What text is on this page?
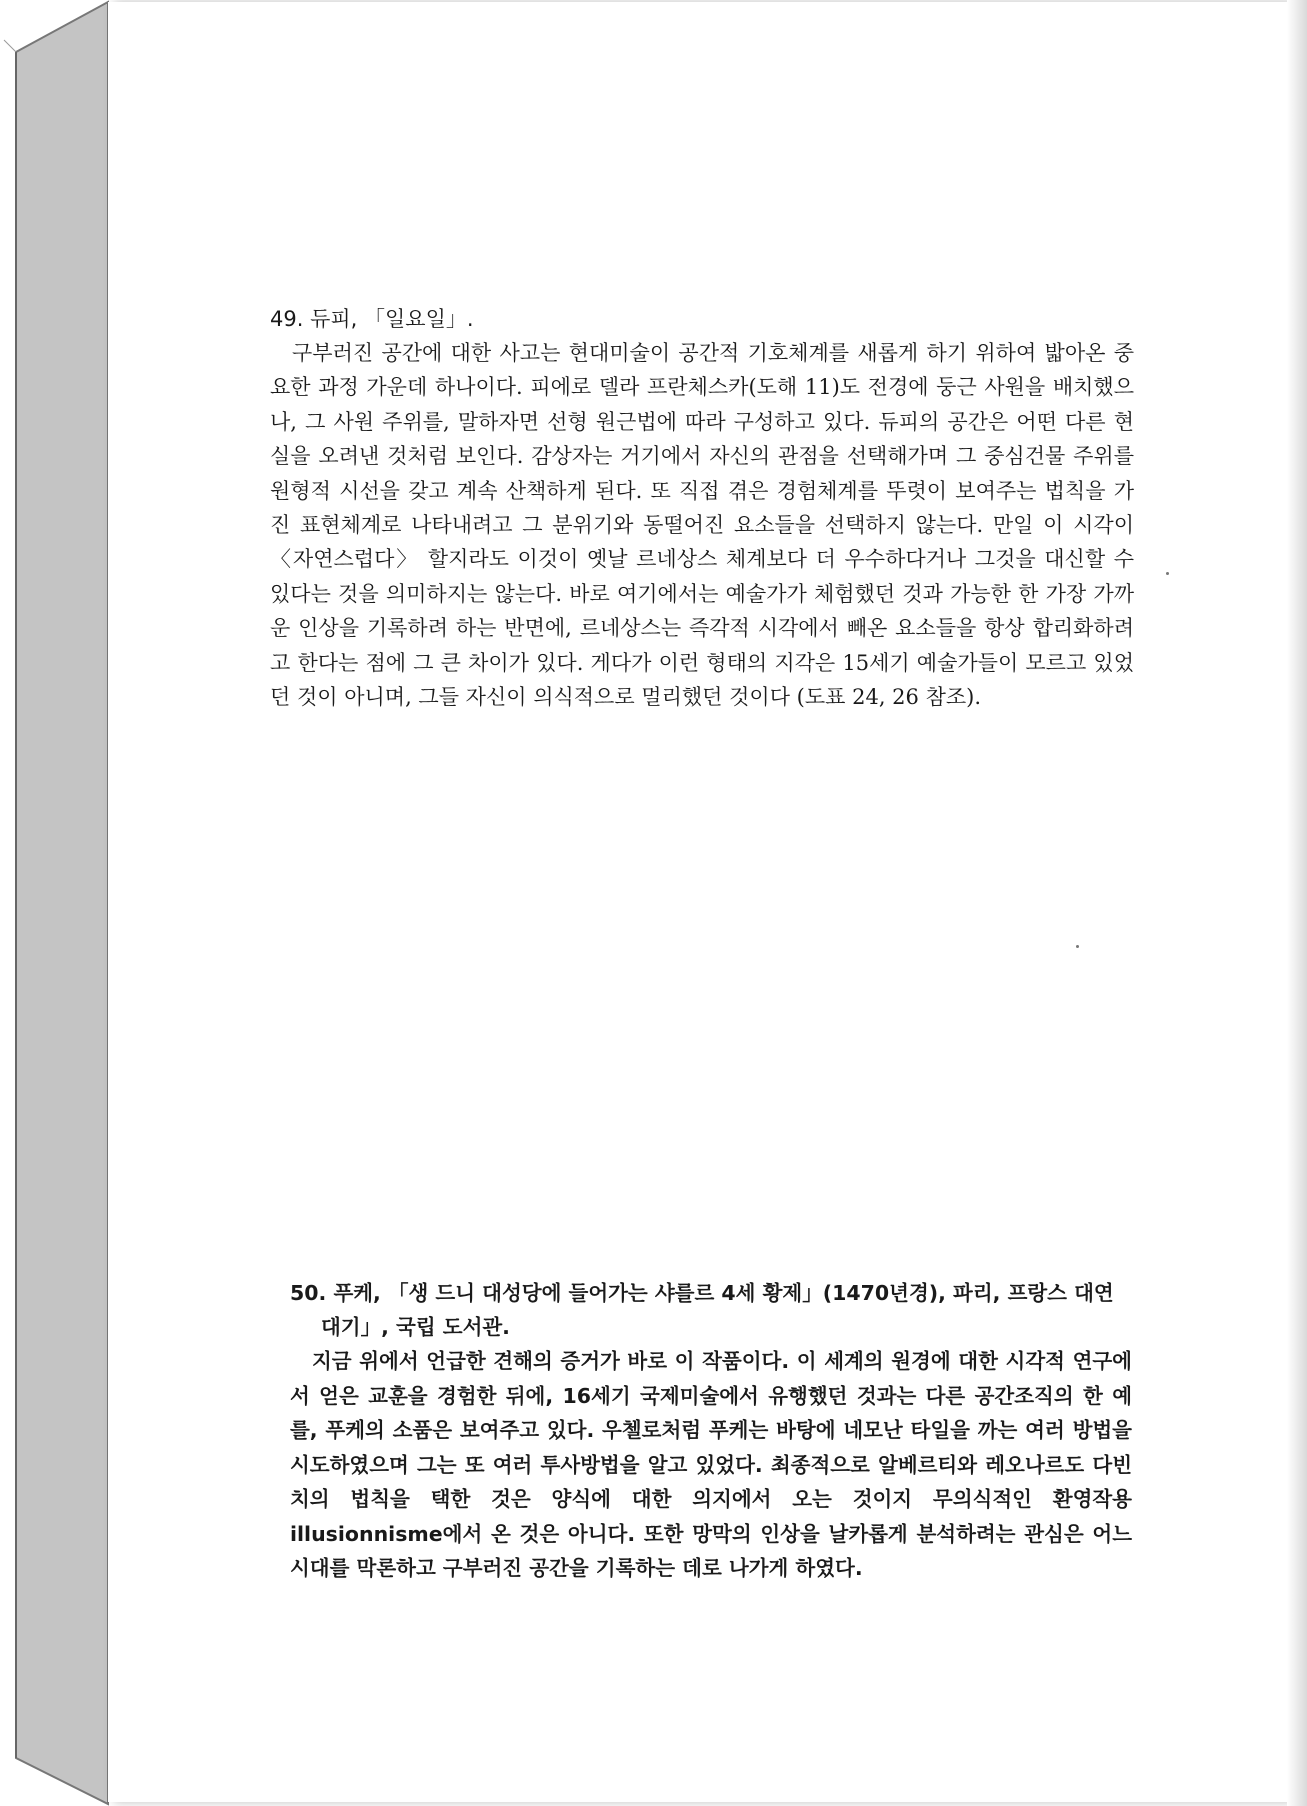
49. 듀피, 「일요일」.

구부러진 공간에 대한 사고는 현대미술이 공간적 기호체계를 새롭게 하기 위하여 밟아온 중요한 과정 가운데 하나이다. 피에로 델라 프란체스카(도해 11)도 전경에 둥근 사원을 배치했으나, 그 사원 주위를, 말하자면 선형 원근법에 따라 구성하고 있다. 듀피의 공간은 어떤 다른 현실을 오려낸 것처럼 보인다. 감상자는 거기에서 자신의 관점을 선택해가며 그 중심건물 주위를 원형적 시선을 갖고 계속 산책하게 된다. 또 직접 겪은 경험체계를 뚜렷이 보여주는 법칙을 가진 표현체계로 나타내려고 그 분위기와 동떨어진 요소들을 선택하지 않는다. 만일 이 시각이 〈자연스럽다〉 할지라도 이것이 옛날 르네상스 체계보다 더 우수하다거나 그것을 대신할 수 있다는 것을 의미하지는 않는다. 바로 여기에서는 예술가가 체험했던 것과 가능한 한 가장 가까운 인상을 기록하려 하는 반면에, 르네상스는 즉각적 시각에서 빼온 요소들을 항상 합리화하려고 한다는 점에 그 큰 차이가 있다. 게다가 이런 형태의 지각은 15세기 예술가들이 모르고 있었던 것이 아니며, 그들 자신이 의식적으로 멀리했던 것이다 (도표 24, 26 참조).

50. 푸케, 「생 드니 대성당에 들어가는 샤를르 4세 황제」(1470년경), 파리, 프랑스 대연대기」, 국립 도서관.

지금 위에서 언급한 견해의 증거가 바로 이 작품이다. 이 세계의 원경에 대한 시각적 연구에서 얻은 교훈을 경험한 뒤에, 16세기 국제미술에서 유행했던 것과는 다른 공간조직의 한 예를, 푸케의 소품은 보여주고 있다. 우첼로처럼 푸케는 바탕에 네모난 타일을 까는 여러 방법을 시도하였으며 그는 또 여러 투사방법을 알고 있었다. 최종적으로 알베르티와 레오나르도 다빈치의 법칙을 택한 것은 양식에 대한 의지에서 오는 것이지 무의식적인 환영작용illusionnisme에서 온 것은 아니다. 또한 망막의 인상을 날카롭게 분석하려는 관심은 어느 시대를 막론하고 구부러진 공간을 기록하는 데로 나가게 하였다.
